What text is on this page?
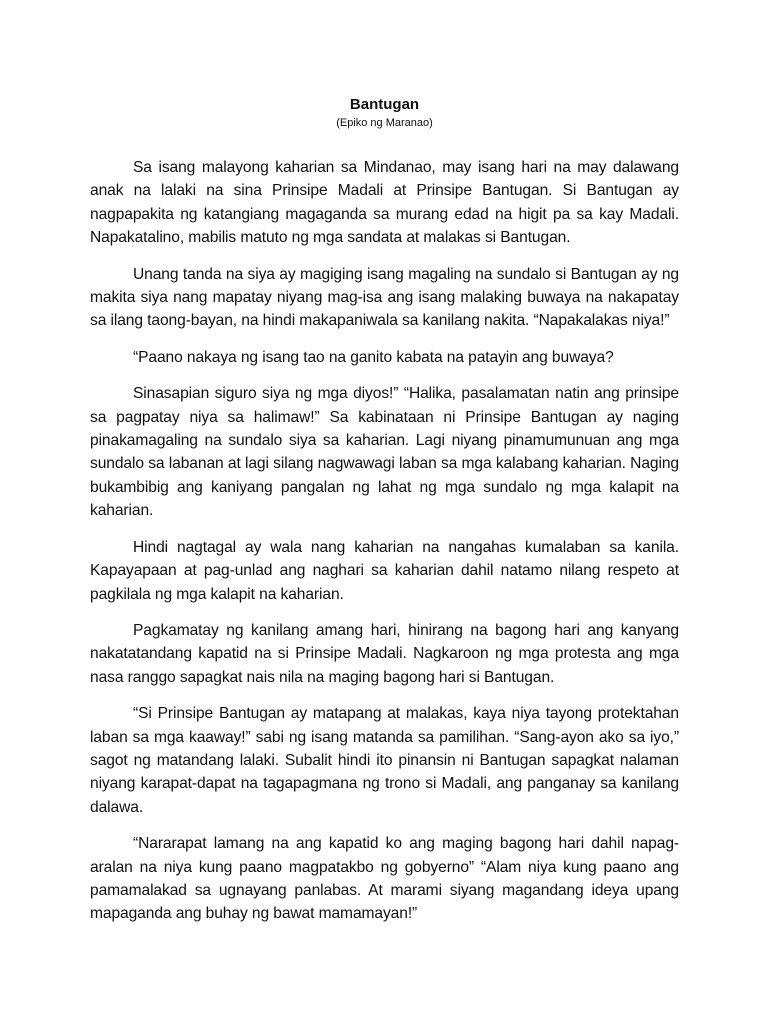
Bantugan
(Epiko ng Maranao)

Sa isang malayong kaharian sa Mindanao, may isang hari na may dalawang anak na lalaki na sina Prinsipe Madali at Prinsipe Bantugan. Si Bantugan ay nagpapakita ng katangiang magaganda sa murang edad na higit pa sa kay Madali. Napakatalino, mabilis matuto ng mga sandata at malakas si Bantugan.

Unang tanda na siya ay magiging isang magaling na sundalo si Bantugan ay ng makita siya nang mapatay niyang mag-isa ang isang malaking buwaya na nakapatay sa ilang taong-bayan, na hindi makapaniwala sa kanilang nakita. “Napakalakas niya!”

“Paano nakaya ng isang tao na ganito kabata na patayin ang buwaya?

Sinasapian siguro siya ng mga diyos!” “Halika, pasalamatan natin ang prinsipe sa pagpatay niya sa halimaw!” Sa kabinataan ni Prinsipe Bantugan ay naging pinakamagaling na sundalo siya sa kaharian. Lagi niyang pinamumunuan ang mga sundalo sa labanan at lagi silang nagwawagi laban sa mga kalabang kaharian. Naging bukambibig ang kaniyang pangalan ng lahat ng mga sundalo ng mga kalapit na kaharian.

Hindi nagtagal ay wala nang kaharian na nangahas kumalaban sa kanila. Kapayapaan at pag-unlad ang naghari sa kaharian dahil natamo nilang respeto at pagkilala ng mga kalapit na kaharian.

Pagkamatay ng kanilang amang hari, hinirang na bagong hari ang kanyang nakatatandang kapatid na si Prinsipe Madali. Nagkaroon ng mga protesta ang mga nasa ranggo sapagkat nais nila na maging bagong hari si Bantugan.

“Si Prinsipe Bantugan ay matapang at malakas, kaya niya tayong protektahan laban sa mga kaaway!” sabi ng isang matanda sa pamilihan. “Sang-ayon ako sa iyo,” sagot ng matandang lalaki. Subalit hindi ito pinansin ni Bantugan sapagkat nalaman niyang karapat-dapat na tagapagmana ng trono si Madali, ang panganay sa kanilang dalawa.

“Nararapat lamang na ang kapatid ko ang maging bagong hari dahil napag-aralan na niya kung paano magpatakbo ng gobyerno” “Alam niya kung paano ang pamamalakad sa ugnayang panlabas. At marami siyang magandang ideya upang mapaganda ang buhay ng bawat mamamayan!”
